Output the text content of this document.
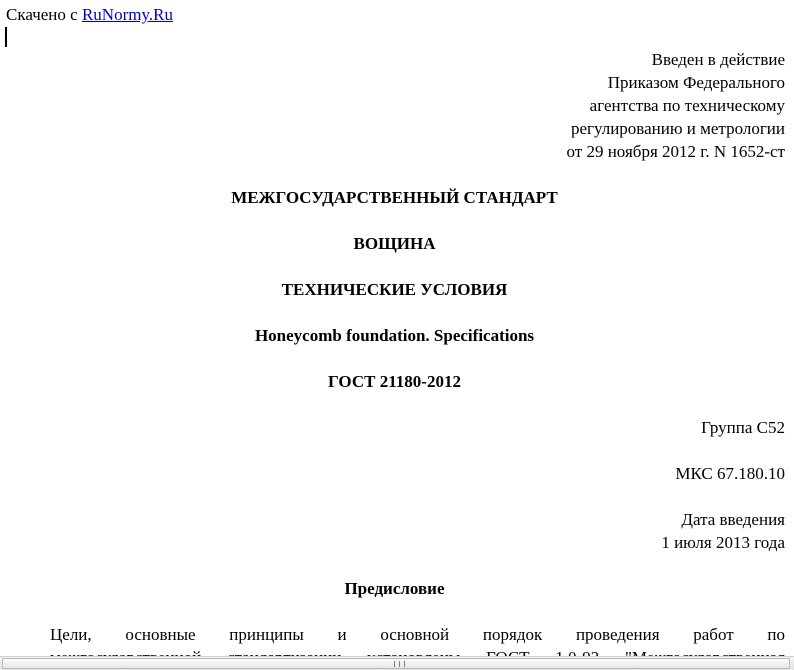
Скачено с RuNormy.Ru
Введен в действие
Приказом Федерального
агентства по техническому
регулированию и метрологии
от 29 ноября 2012 г. N 1652-ст
МЕЖГОСУДАРСТВЕННЫЙ СТАНДАРТ
ВОЩИНА
ТЕХНИЧЕСКИЕ УСЛОВИЯ
Honeycomb foundation. Specifications
ГОСТ 21180-2012
Группа С52
МКС 67.180.10
Дата введения
1 июля 2013 года
Предисловие
Цели, основные принципы и основной порядок проведения работ по
